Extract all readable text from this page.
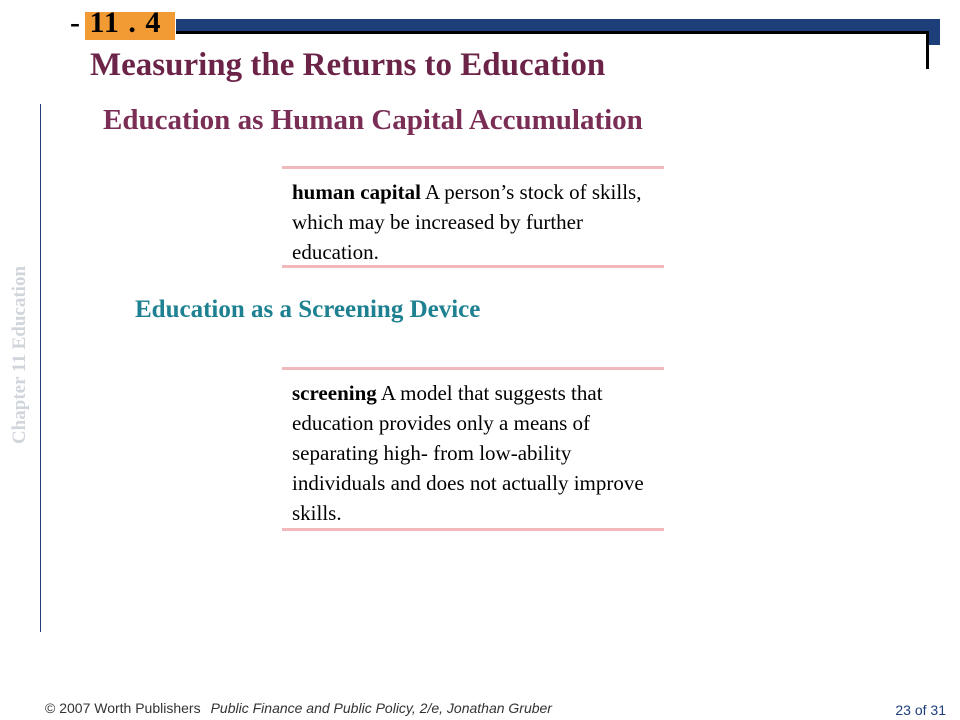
- 11 . 4
Measuring the Returns to Education
Chapter 11 Education
Education as Human Capital Accumulation
human capital A person’s stock of skills, which may be increased by further education.
Education as a Screening Device
screening A model that suggests that education provides only a means of separating high- from low-ability individuals and does not actually improve skills.
© 2007 Worth Publishers Public Finance and Public Policy, 2/e, Jonathan Gruber	23 of 31
